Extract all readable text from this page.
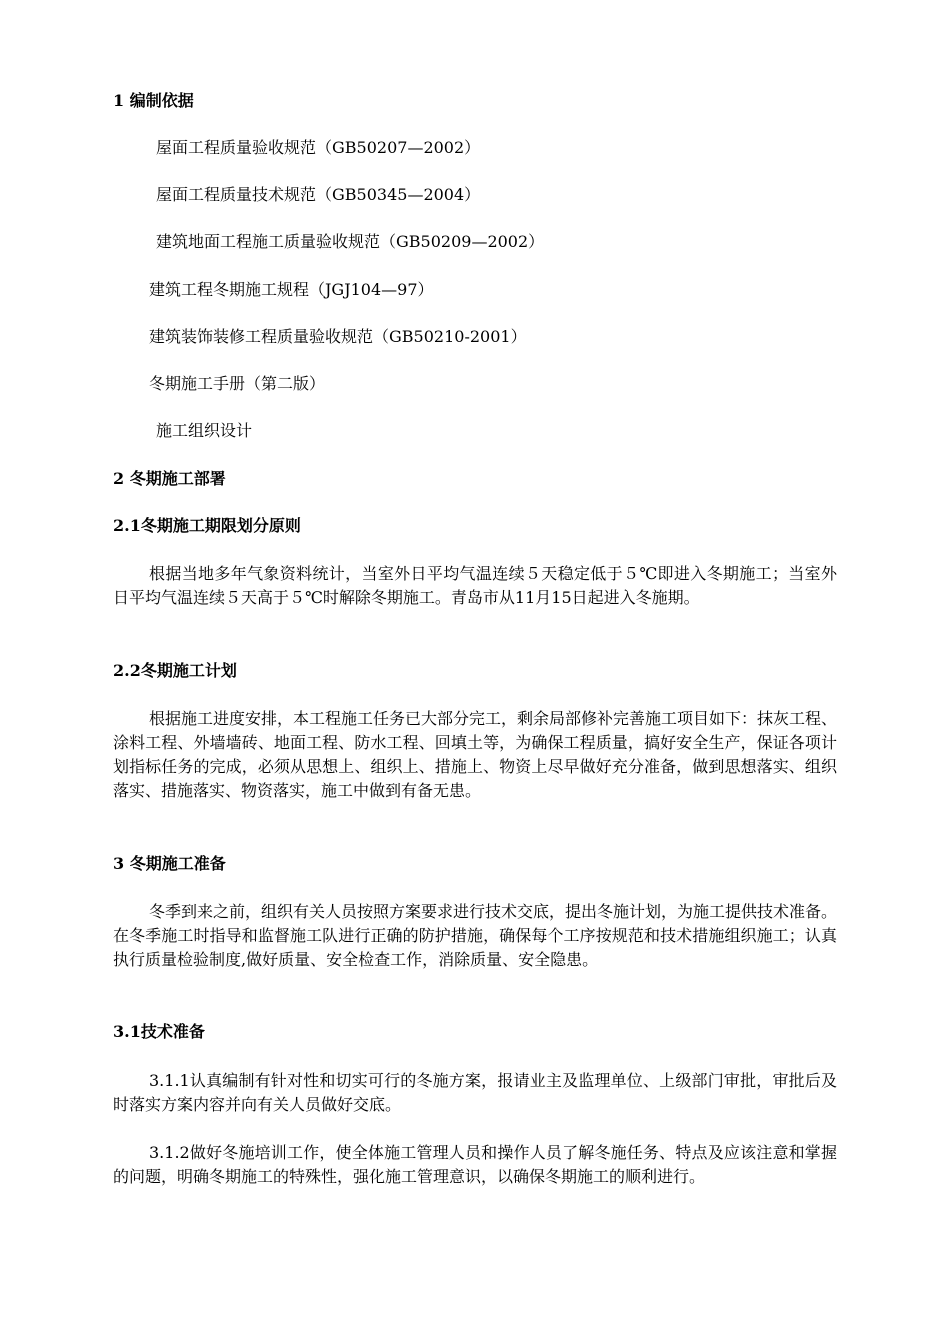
1 编制依据
屋面工程质量验收规范（GB50207—2002）
屋面工程质量技术规范（GB50345—2004）
建筑地面工程施工质量验收规范（GB50209—2002）
建筑工程冬期施工规程（JGJ104—97）
建筑装饰装修工程质量验收规范（GB50210-2001）
冬期施工手册（第二版）
施工组织设计
2 冬期施工部署
2.1冬期施工期限划分原则

根据当地多年气象资料统计，当室外日平均气温连续５天稳定低于５℃即进入冬期施工；当室外日平均气温连续５天高于５℃时解除冬期施工。青岛市从11月15日起进入冬施期。

2.2冬期施工计划

根据施工进度安排，本工程施工任务已大部分完工，剩余局部修补完善施工项目如下：抹灰工程、涂料工程、外墙墙砖、地面工程、防水工程、回填土等，为确保工程质量，搞好安全生产，保证各项计划指标任务的完成，必须从思想上、组织上、措施上、物资上尽早做好充分准备，做到思想落实、组织落实、措施落实、物资落实，施工中做到有备无患。

3 冬期施工准备

冬季到来之前，组织有关人员按照方案要求进行技术交底，提出冬施计划，为施工提供技术准备。在冬季施工时指导和监督施工队进行正确的防护措施，确保每个工序按规范和技术措施组织施工；认真执行质量检验制度,做好质量、安全检查工作，消除质量、安全隐患。

3.1技术准备

3.1.1认真编制有针对性和切实可行的冬施方案，报请业主及监理单位、上级部门审批，审批后及时落实方案内容并向有关人员做好交底。

3.1.2做好冬施培训工作，使全体施工管理人员和操作人员了解冬施任务、特点及应该注意和掌握的问题，明确冬期施工的特殊性，强化施工管理意识，以确保冬期施工的顺利进行。
